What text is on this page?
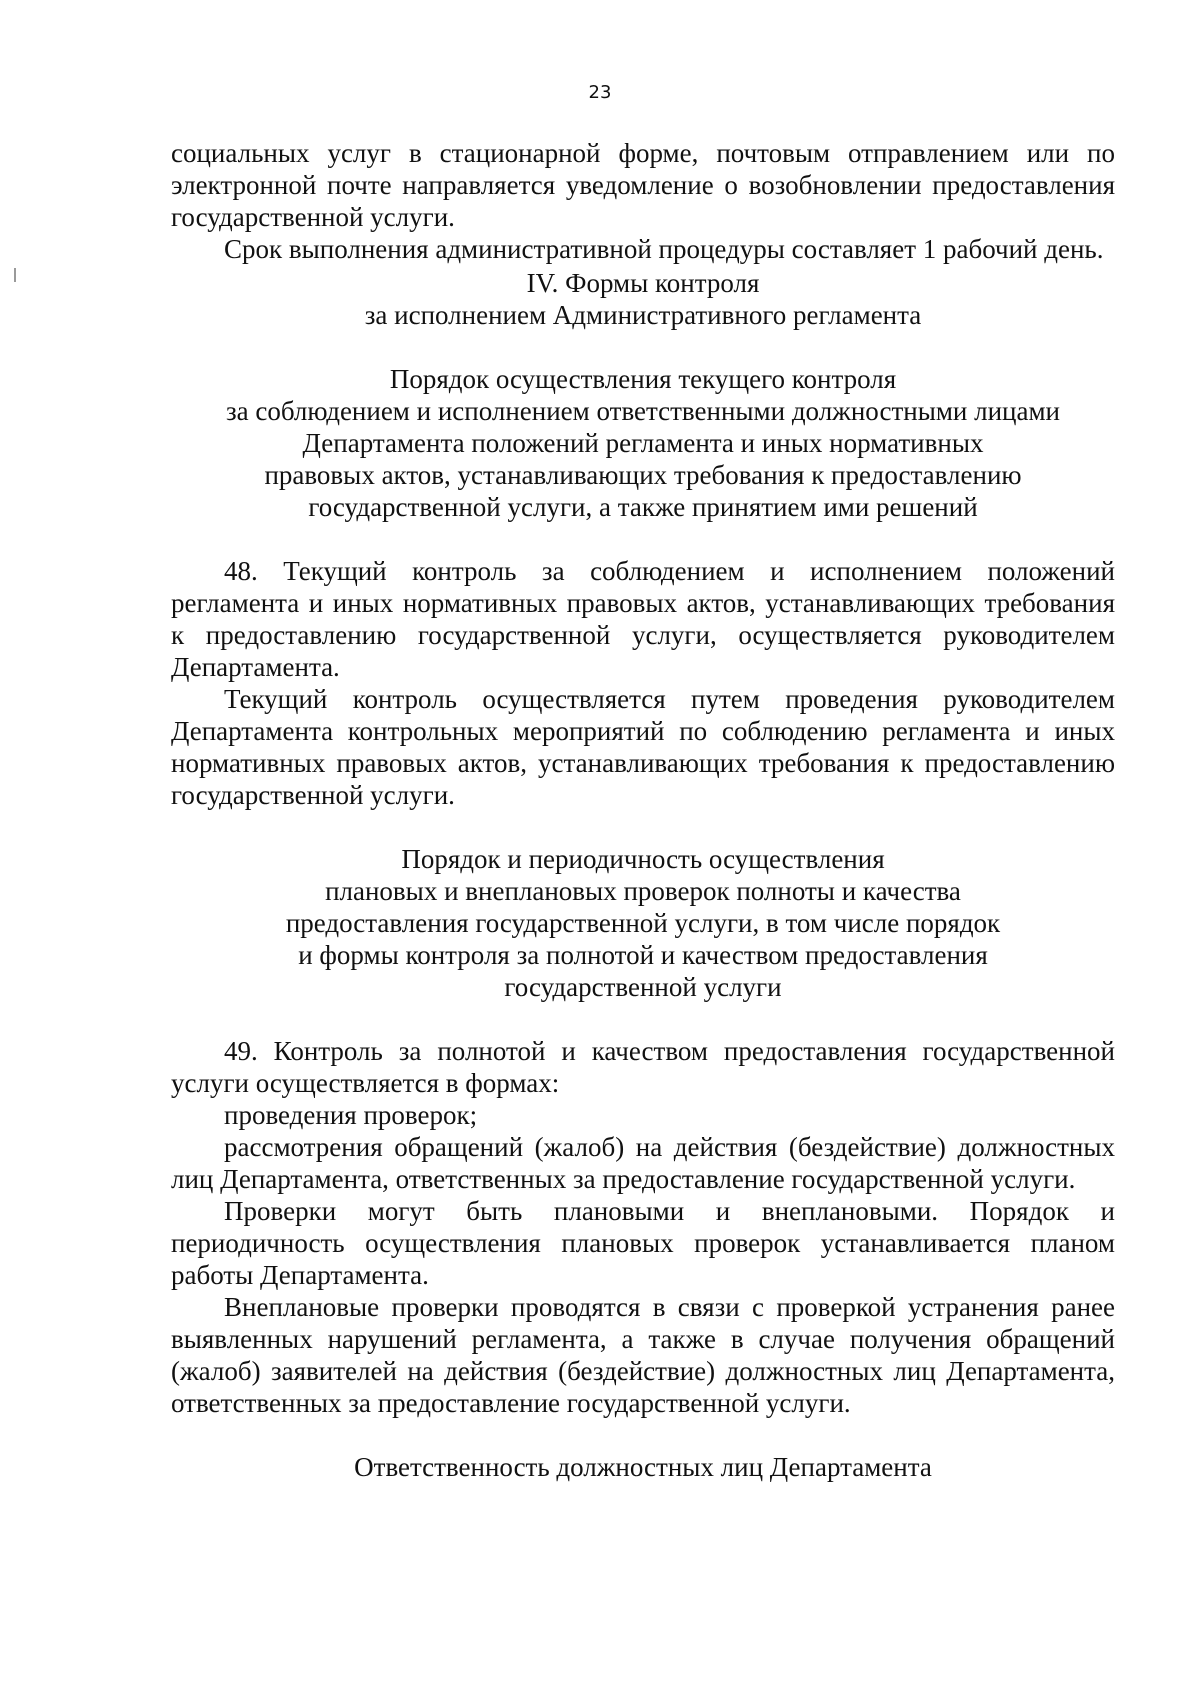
23

социальных услуг в стационарной форме, почтовым отправлением или по электронной почте направляется уведомление о возобновлении предоставления государственной услуги.

Срок выполнения административной процедуры составляет 1 рабочий день.

IV. Формы контроля
за исполнением Административного регламента
Порядок осуществления текущего контроля
за соблюдением и исполнением ответственными должностными лицами
Департамента положений регламента и иных нормативных
правовых актов, устанавливающих требования к предоставлению
государственной услуги, а также принятием ими решений

48. Текущий контроль за соблюдением и исполнением положений регламента и иных нормативных правовых актов, устанавливающих требования к предоставлению государственной услуги, осуществляется руководителем Департамента.

Текущий контроль осуществляется путем проведения руководителем Департамента контрольных мероприятий по соблюдению регламента и иных нормативных правовых актов, устанавливающих требования к предоставлению государственной услуги.

Порядок и периодичность осуществления
плановых и внеплановых проверок полноты и качества
предоставления государственной услуги, в том числе порядок
и формы контроля за полнотой и качеством предоставления
государственной услуги

49. Контроль за полнотой и качеством предоставления государственной услуги осуществляется в формах:

проведения проверок;

рассмотрения обращений (жалоб) на действия (бездействие) должностных лиц Департамента, ответственных за предоставление государственной услуги.

Проверки могут быть плановыми и внеплановыми. Порядок и периодичность осуществления плановых проверок устанавливается планом работы Департамента.

Внеплановые проверки проводятся в связи с проверкой устранения ранее выявленных нарушений регламента, а также в случае получения обращений (жалоб) заявителей на действия (бездействие) должностных лиц Департамента, ответственных за предоставление государственной услуги.

Ответственность должностных лиц Департамента
